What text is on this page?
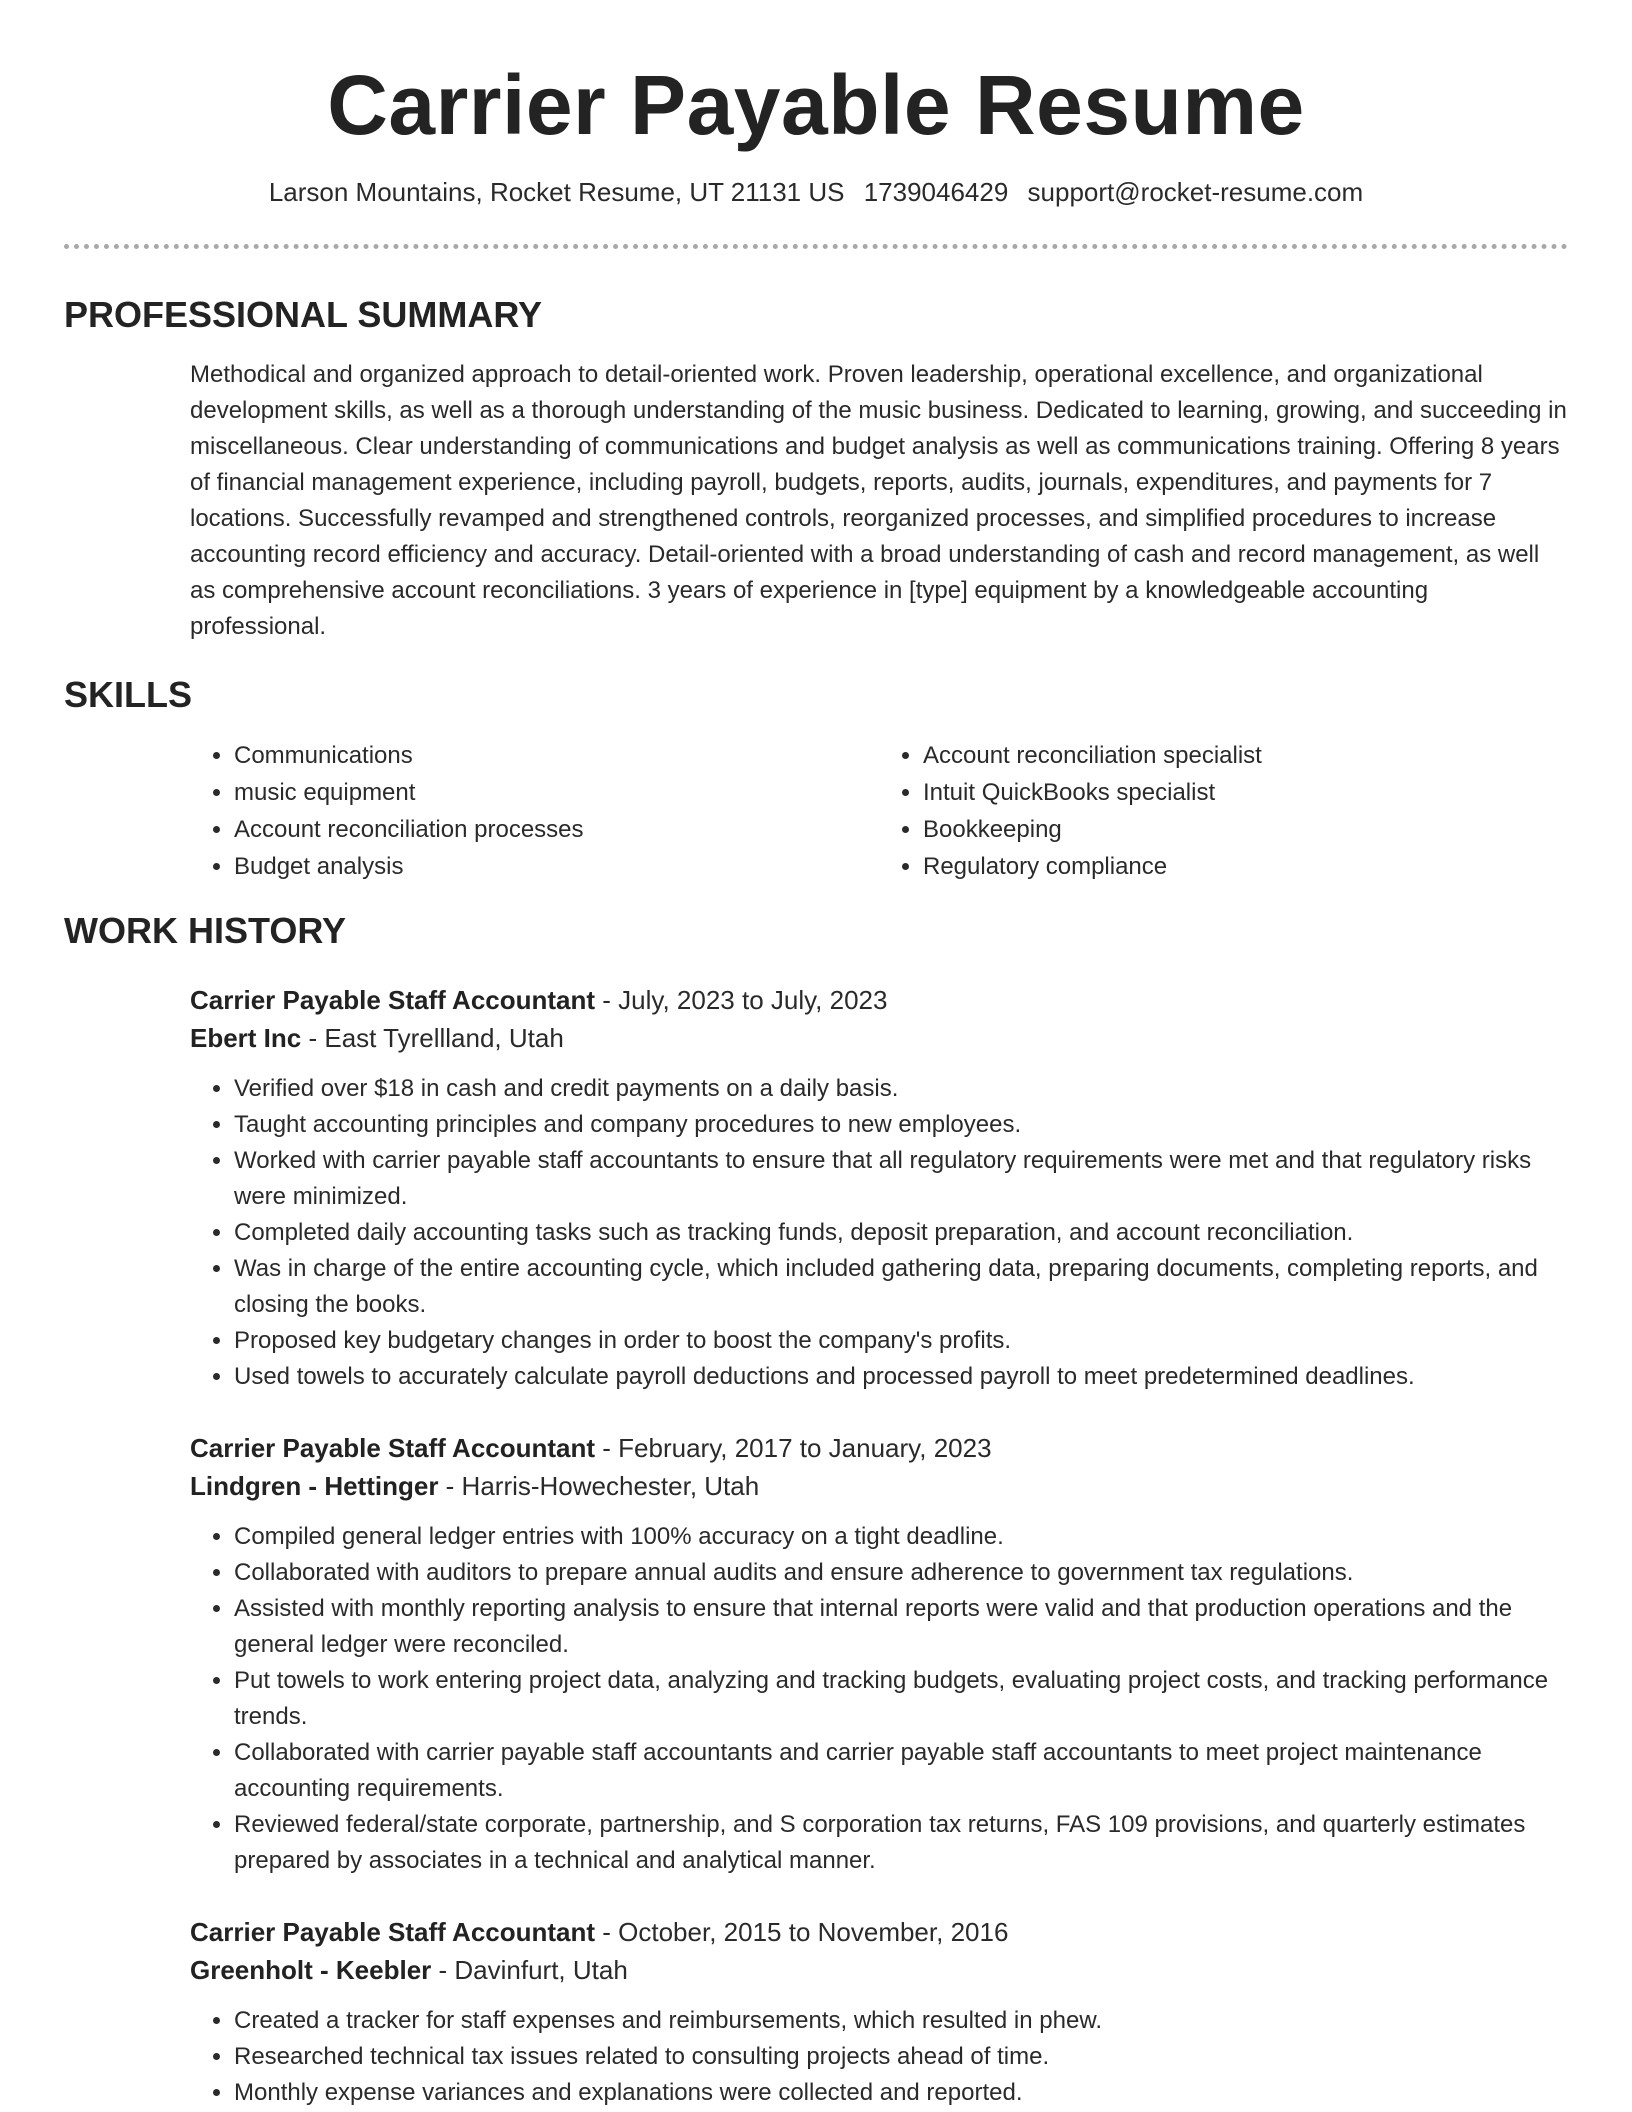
Carrier Payable Resume
Larson Mountains, Rocket Resume, UT 21131 US 1739046429 support@rocket-resume.com
PROFESSIONAL SUMMARY
Methodical and organized approach to detail-oriented work. Proven leadership, operational excellence, and organizational development skills, as well as a thorough understanding of the music business. Dedicated to learning, growing, and succeeding in miscellaneous. Clear understanding of communications and budget analysis as well as communications training. Offering 8 years of financial management experience, including payroll, budgets, reports, audits, journals, expenditures, and payments for 7 locations. Successfully revamped and strengthened controls, reorganized processes, and simplified procedures to increase accounting record efficiency and accuracy. Detail-oriented with a broad understanding of cash and record management, as well as comprehensive account reconciliations. 3 years of experience in [type] equipment by a knowledgeable accounting professional.
SKILLS
• Communications
• music equipment
• Account reconciliation processes
• Budget analysis
• Account reconciliation specialist
• Intuit QuickBooks specialist
• Bookkeeping
• Regulatory compliance
WORK HISTORY
Carrier Payable Staff Accountant - July, 2023 to July, 2023
Ebert Inc - East Tyrellland, Utah
• Verified over $18 in cash and credit payments on a daily basis.
• Taught accounting principles and company procedures to new employees.
• Worked with carrier payable staff accountants to ensure that all regulatory requirements were met and that regulatory risks were minimized.
• Completed daily accounting tasks such as tracking funds, deposit preparation, and account reconciliation.
• Was in charge of the entire accounting cycle, which included gathering data, preparing documents, completing reports, and closing the books.
• Proposed key budgetary changes in order to boost the company's profits.
• Used towels to accurately calculate payroll deductions and processed payroll to meet predetermined deadlines.
Carrier Payable Staff Accountant - February, 2017 to January, 2023
Lindgren - Hettinger - Harris-Howechester, Utah
• Compiled general ledger entries with 100% accuracy on a tight deadline.
• Collaborated with auditors to prepare annual audits and ensure adherence to government tax regulations.
• Assisted with monthly reporting analysis to ensure that internal reports were valid and that production operations and the general ledger were reconciled.
• Put towels to work entering project data, analyzing and tracking budgets, evaluating project costs, and tracking performance trends.
• Collaborated with carrier payable staff accountants and carrier payable staff accountants to meet project maintenance accounting requirements.
• Reviewed federal/state corporate, partnership, and S corporation tax returns, FAS 109 provisions, and quarterly estimates prepared by associates in a technical and analytical manner.
Carrier Payable Staff Accountant - October, 2015 to November, 2016
Greenholt - Keebler - Davinfurt, Utah
• Created a tracker for staff expenses and reimbursements, which resulted in phew.
• Researched technical tax issues related to consulting projects ahead of time.
• Monthly expense variances and explanations were collected and reported.
